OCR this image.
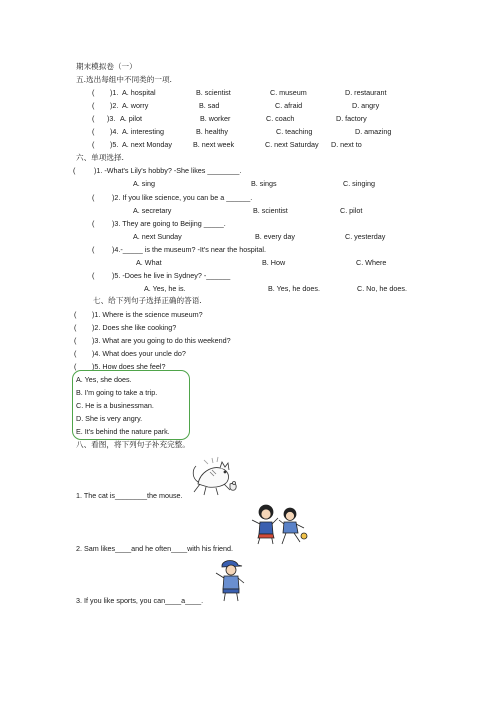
期末模拟卷（一）
五.选出每组中不同类的一项.
( )1. A. hospital	B. scientist	C. museum	D. restaurant
( )2. A. worry	B. sad	C. afraid	D. angry
( )3. A. pilot	B. worker	C. coach	D. factory
( )4. A. interesting	B. healthy	C. teaching	D. amazing
( )5. A. next Monday	B. next week	C. next Saturday D. next to
六、单项选择.
(	)1. -What's Lily's hobby? -She likes ________.
A. sing	B. sings	C. singing
( )2. If you like science, you can be a ______.
A. secretary	B. scientist	C. pilot
( )3. They are going to Beijing _____.
A. next Sunday	B. every day	C. yesterday
( )4.-_____ is the museum? -It's near the hospital.
A. What	B. How	C. Where
( )5. -Does he live in Sydney? -______
A. Yes, he is.	B. Yes, he does.	C. No, he does.
七、给下列句子选择正确的答语.
( )1. Where is the science museum?
( )2. Does she like cooking?
( )3. What are you going to do this weekend?
( )4. What does your uncle do?
( )5. How does she feel?
A. Yes, she does.
B. I'm going to take a trip.
C. He is a businessman.
D. She is very angry.
E. It's behind the nature park.
八、看图，将下列句子补充完整。
1. The cat is________the mouse.
2. Sam likes____and he often____with his friend.
3. If you like sports, you can____a____.
